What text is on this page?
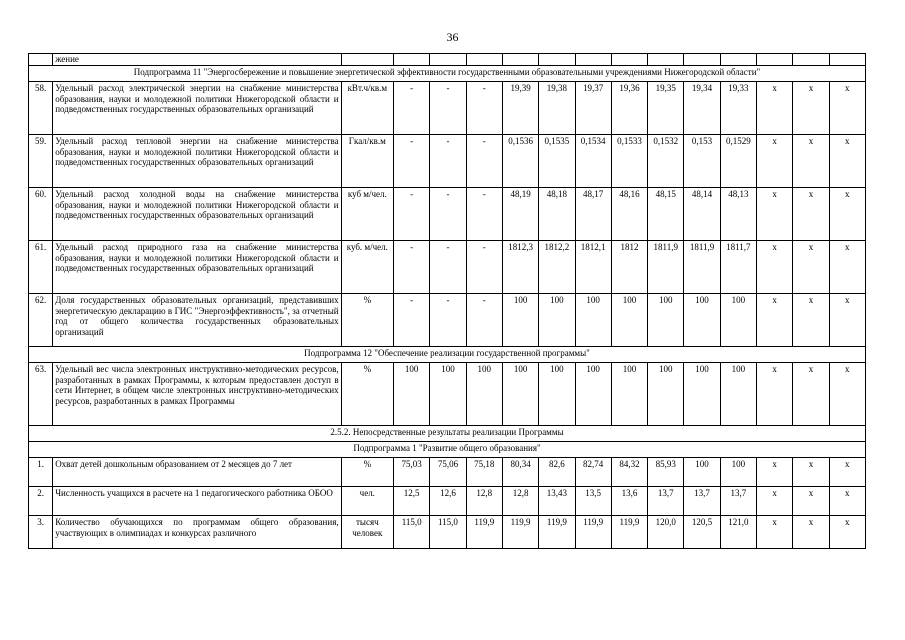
36
	жение														
Подпрограмма 11 "Энергосбережение и повышение энергетической эффективности государственными образовательными учреждениями Нижегородской области"															
58.	Удельный расход электрической энергии на снабжение министерства образования, науки и молодежной политики Нижегородской области и подведомственных государственных образовательных организаций	кВт.ч/кв.м	-	-	-	19,39	19,38	19,37	19,36	19,35	19,34	19,33	x	x	x
59.	Удельный расход тепловой энергии на снабжение министерства образования, науки и молодежной политики Нижегородской области и подведомственных государственных образовательных организаций	Гкал/кв.м	-	-	-	0,1536	0,1535	0,1534	0,1533	0,1532	0,153	0,1529	x	x	x
60.	Удельный расход холодной воды на снабжение министерства образования, науки и молодежной политики Нижегородской области и подведомственных государственных образовательных организаций	куб м/чел.	-	-	-	48,19	48,18	48,17	48,16	48,15	48,14	48,13	x	x	x
61.	Удельный расход природного газа на снабжение министерства образования, науки и молодежной политики Нижегородской области и подведомственных государственных образовательных организаций	куб. м/чел.	-	-	-	1812,3	1812,2	1812,1	1812	1811,9	1811,9	1811,7	x	x	x
62.	Доля государственных образовательных организаций, представивших энергетическую декларацию в ГИС "Энергоэффективность", за отчетный год от общего количества государственных образовательных организаций	%	-	-	-	100	100	100	100	100	100	100	x	x	x
Подпрограмма 12 "Обеспечение реализации государственной программы"															
63.	Удельный вес числа электронных инструктивно-методических ресурсов, разработанных в рамках Программы, к которым предоставлен доступ в сети Интернет, в общем числе электронных инструктивно-методических ресурсов, разработанных в рамках Программы	%	100	100	100	100	100	100	100	100	100	100	x	x	x
2.5.2. Непосредственные результаты реализации Программы															
Подпрограмма 1 "Развитие общего образования"															
1.	Охват детей дошкольным образованием от 2 месяцев до 7 лет	%	75,03	75,06	75,18	80,34	82,6	82,74	84,32	85,93	100	100	x	x	x
2.	Численность учащихся в расчете на 1 педагогического работника ОБОО	чел.	12,5	12,6	12,8	12,8	13,43	13,5	13,6	13,7	13,7	13,7	x	x	x
3.	Количество обучающихся по программам общего образования, участвующих в олимпиадах и конкурсах различного	тысяч человек	115,0	115,0	119,9	119,9	119,9	119,9	119,9	120,0	120,5	121,0	x	x	x
